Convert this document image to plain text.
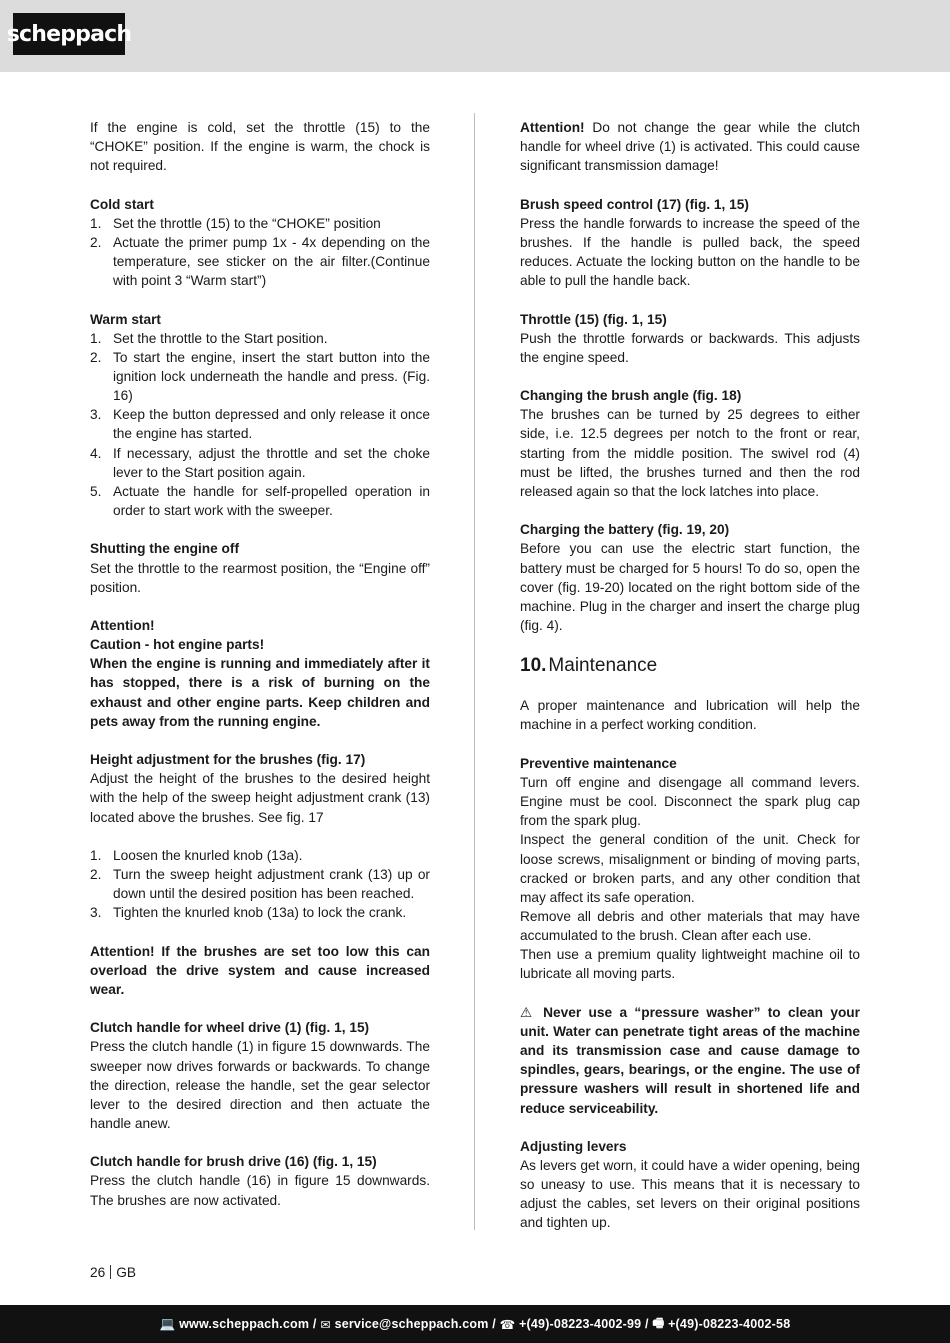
scheppach

If the engine is cold, set the throttle (15) to the “CHOKE” position. If the engine is warm, the chock is not required.

Cold start

1. Set the throttle (15) to the “CHOKE” position
2. Actuate the primer pump 1x - 4x depending on the temperature, see sticker on the air filter.(Continue with point 3 “Warm start”)

Warm start

1. Set the throttle to the Start position.
2. To start the engine, insert the start button into the ignition lock underneath the handle and press. (Fig. 16)
3. Keep the button depressed and only release it once the engine has started.
4. If necessary, adjust the throttle and set the choke lever to the Start position again.
5. Actuate the handle for self-propelled operation in order to start work with the sweeper.

Shutting the engine off

Set the throttle to the rearmost position, the “Engine off” position.

Attention!

Caution - hot engine parts!

When the engine is running and immediately after it has stopped, there is a risk of burning on the exhaust and other engine parts. Keep children and pets away from the running engine.

Height adjustment for the brushes (fig. 17)

Adjust the height of the brushes to the desired height with the help of the sweep height adjustment crank (13) located above the brushes. See fig. 17

1. Loosen the knurled knob (13a).
2. Turn the sweep height adjustment crank (13) up or down until the desired position has been reached.
3. Tighten the knurled knob (13a) to lock the crank.

Attention! If the brushes are set too low this can overload the drive system and cause increased wear.

Clutch handle for wheel drive (1) (fig. 1, 15)

Press the clutch handle (1) in figure 15 downwards. The sweeper now drives forwards or backwards. To change the direction, release the handle, set the gear selector lever to the desired direction and then actuate the handle anew.

Clutch handle for brush drive (16) (fig. 1, 15)

Press the clutch handle (16) in figure 15 downwards. The brushes are now activated.

Attention! Do not change the gear while the clutch handle for wheel drive (1) is activated. This could cause significant transmission damage!

Brush speed control (17) (fig. 1, 15)

Press the handle forwards to increase the speed of the brushes. If the handle is pulled back, the speed reduces. Actuate the locking button on the handle to be able to pull the handle back.

Throttle (15) (fig. 1, 15)

Push the throttle forwards or backwards. This adjusts the engine speed.

Changing the brush angle (fig. 18)

The brushes can be turned by 25 degrees to either side, i.e. 12.5 degrees per notch to the front or rear, starting from the middle position. The swivel rod (4) must be lifted, the brushes turned and then the rod released again so that the lock latches into place.

Charging the battery (fig. 19, 20)

Before you can use the electric start function, the battery must be charged for 5 hours! To do so, open the cover (fig. 19-20) located on the right bottom side of the machine. Plug in the charger and insert the charge plug (fig. 4).

10. Maintenance

A proper maintenance and lubrication will help the machine in a perfect working condition.

Preventive maintenance

Turn off engine and disengage all command levers. Engine must be cool. Disconnect the spark plug cap from the spark plug.

Inspect the general condition of the unit. Check for loose screws, misalignment or binding of moving parts, cracked or broken parts, and any other condition that may affect its safe operation.

Remove all debris and other materials that may have accumulated to the brush. Clean after each use.

Then use a premium quality lightweight machine oil to lubricate all moving parts.

⚠ Never use a “pressure washer” to clean your unit. Water can penetrate tight areas of the machine and its transmission case and cause damage to spindles, gears, bearings, or the engine. The use of pressure washers will result in shortened life and reduce serviceability.

Adjusting levers

As levers get worn, it could have a wider opening, being so uneasy to use. This means that it is necessary to adjust the cables, set levers on their original positions and tighten up.

26 GB
💻
www.scheppach.com / ✉
service@scheppach.com / ☎
+(49)-08223-4002-99 / 🖷
+(49)-08223-4002-58
